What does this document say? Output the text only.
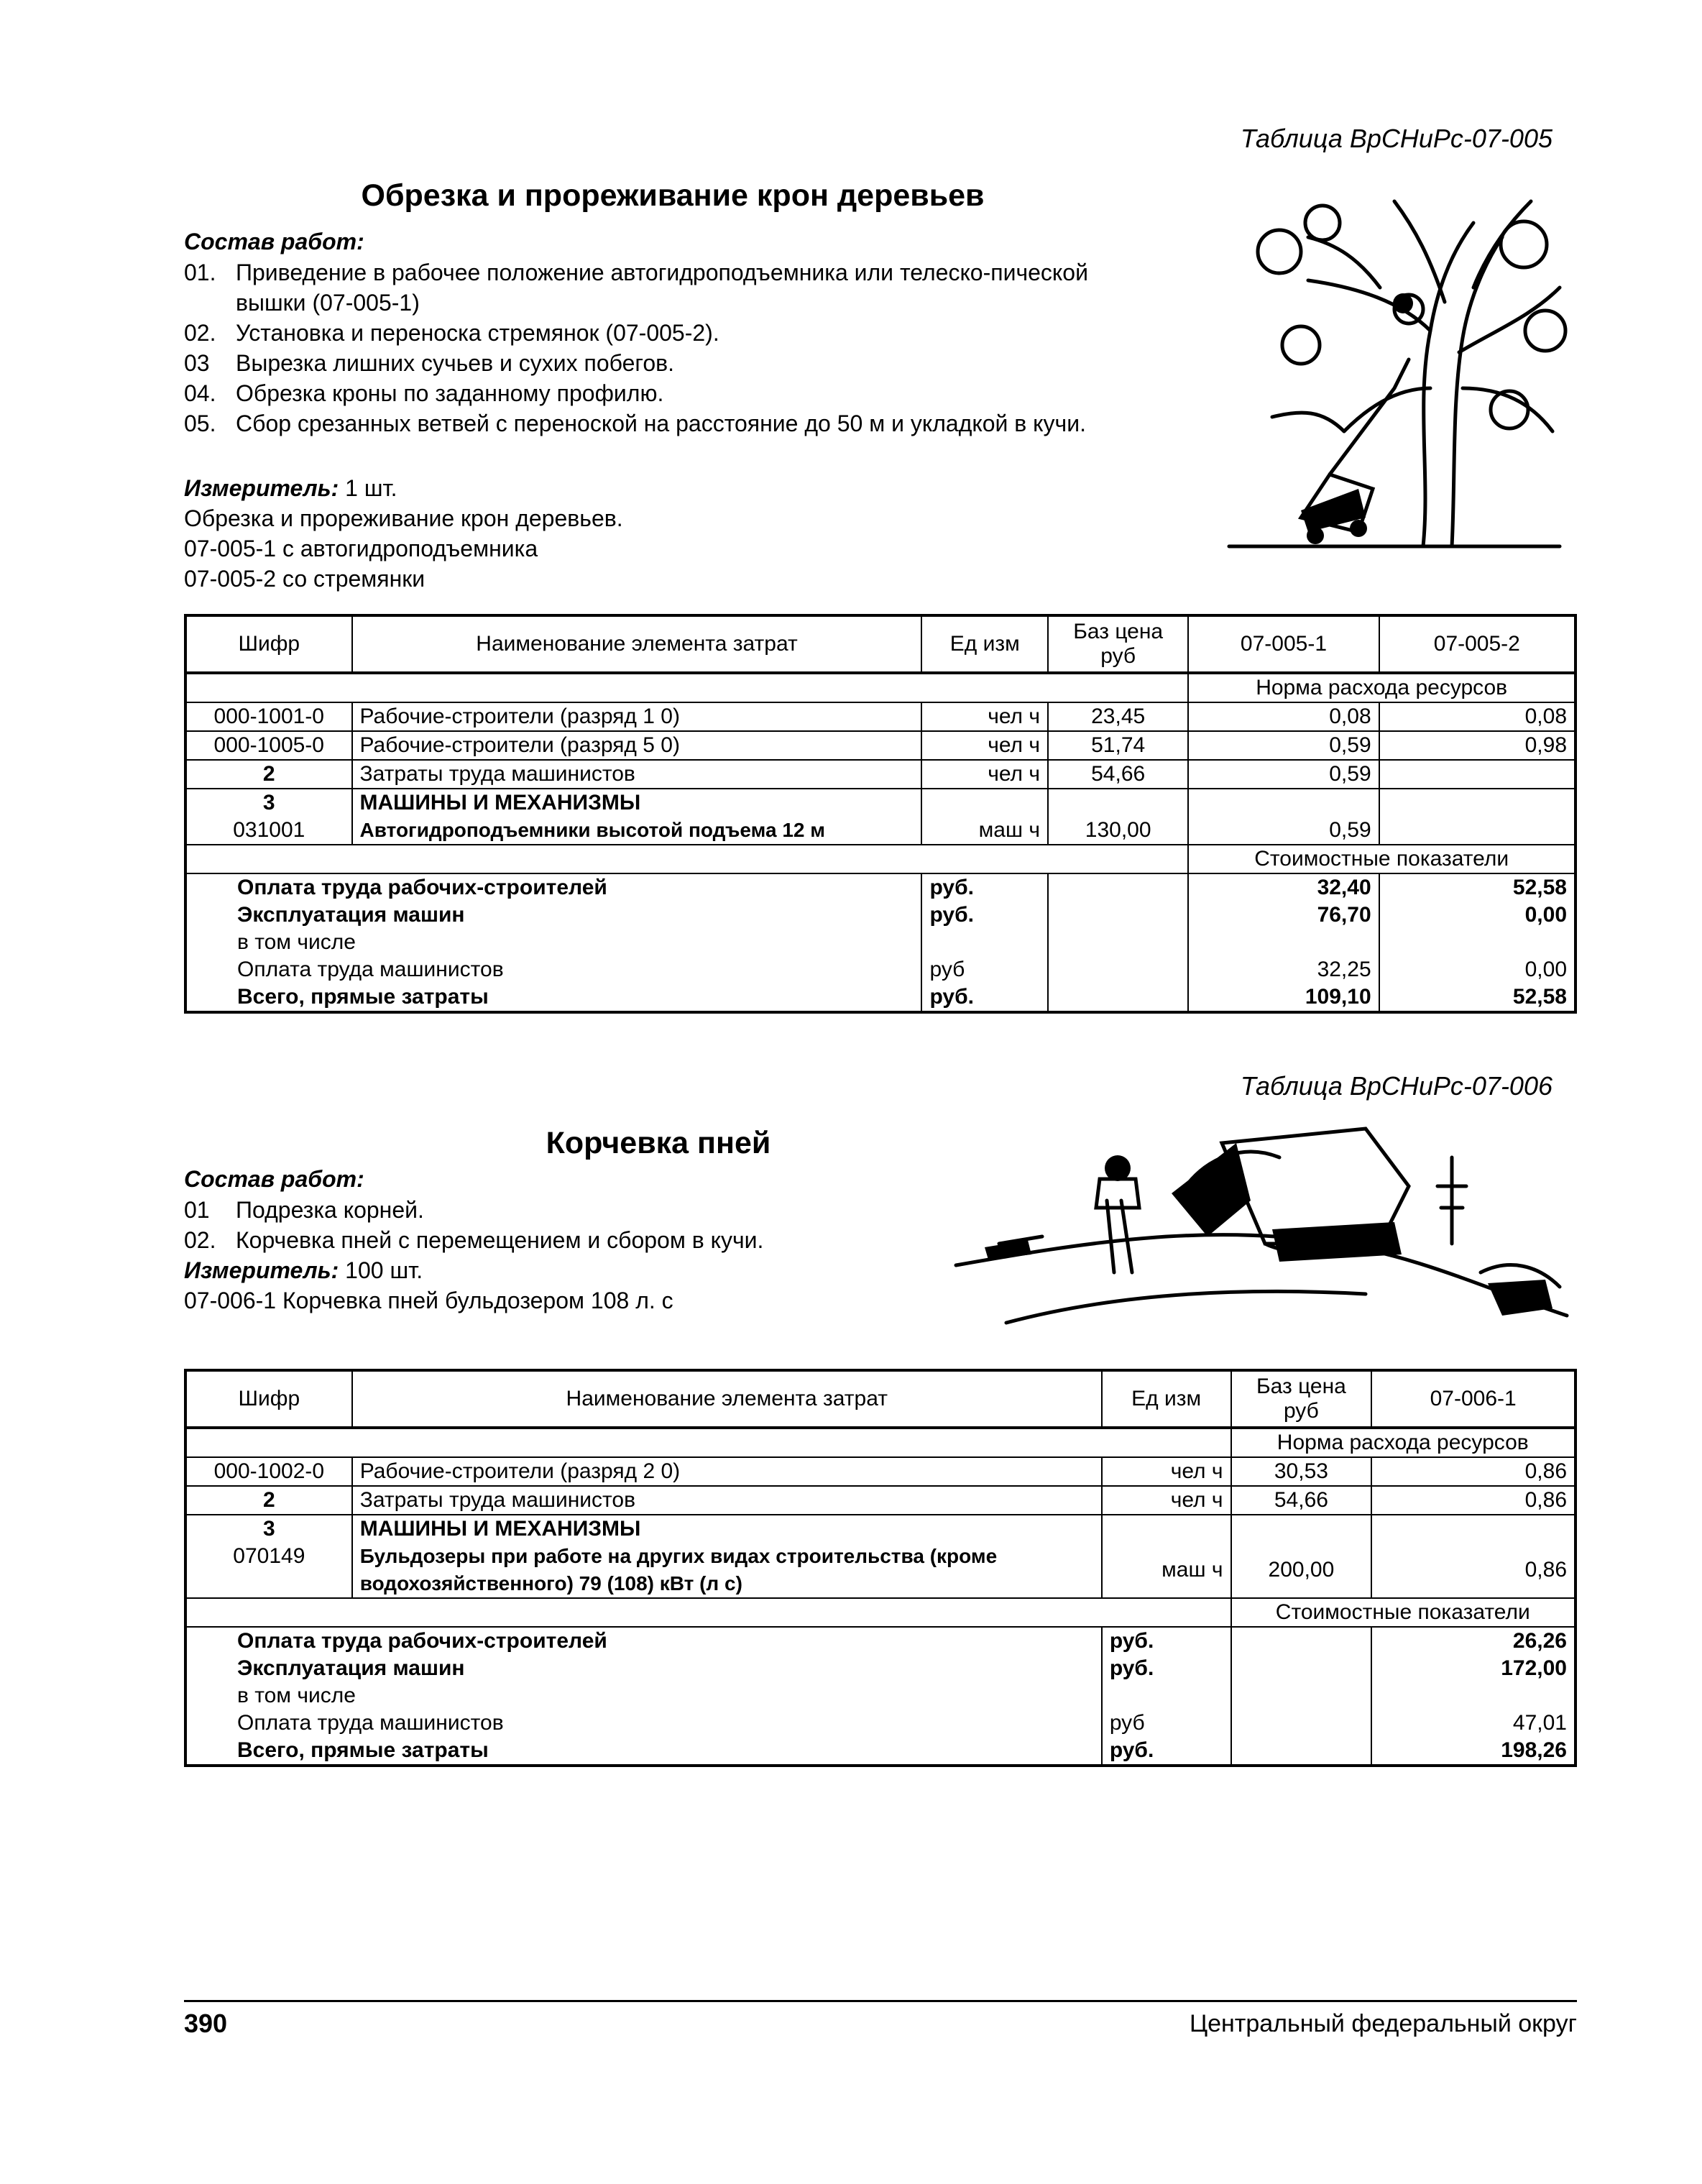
Таблица ВрСНиРс-07-005
Обрезка и прореживание крон деревьев
Состав работ:
01. Приведение в рабочее положение автогидроподъемника или телеско-пической вышки (07-005-1)
02. Установка и переноска стремянок (07-005-2).
03	Вырезка лишних сучьев и сухих побегов.
04. Обрезка кроны по заданному профилю.
05. Сбор срезанных ветвей с переноской на расстояние до 50 м и укладкой в кучи.
Измеритель: 1 шт.
Обрезка и прореживание крон деревьев.
07-005-1 с автогидроподъемника
07-005-2 со стремянки
Шифр	Наименование элемента затрат	Ед изм	Баз цена руб	07-005-1	07-005-2
				Норма расхода ресурсов	
000-1001-0	Рабочие-строители (разряд 1 0)	чел ч	23,45	0,08	0,08
000-1005-0	Рабочие-строители (разряд 5 0)	чел ч	51,74	0,59	0,98
2	Затраты труда машинистов	чел ч	54,66	0,59	
3	МАШИНЫ И МЕХАНИЗМЫ				
031001	Автогидроподъемники высотой подъема 12 м	маш ч	130,00	0,59	
				Стоимостные показатели	
Оплата труда рабочих-строителей		руб.		32,40	52,58
Эксплуатация машин		руб.		76,70	0,00
в том числе					
Оплата труда машинистов		руб		32,25	0,00
Всего, прямые затраты		руб.		109,10	52,58
Таблица ВрСНиРс-07-006
Корчевка пней
Состав работ:
01	Подрезка корней.
02. Корчевка пней с перемещением и сбором в кучи.
Измеритель: 100 шт.
07-006-1 Корчевка пней бульдозером 108 л. с
Шифр	Наименование элемента затрат	Ед изм	Баз цена руб	07-006-1
			Норма расхода ресурсов	
000-1002-0	Рабочие-строители (разряд 2 0)	чел ч	30,53	0,86
2	Затраты труда машинистов	чел ч	54,66	0,86
3	МАШИНЫ И МЕХАНИЗМЫ			
070149	Бульдозеры при работе на других видах строительства (кроме водохозяйственного) 79 (108) кВт (л с)	маш ч	200,00	0,86
			Стоимостные показатели	
Оплата труда рабочих-строителей		руб.		26,26
Эксплуатация машин		руб.		172,00
в том числе				
Оплата труда машинистов		руб		47,01
Всего, прямые затраты		руб.		198,26
390	Центральный федеральный округ
